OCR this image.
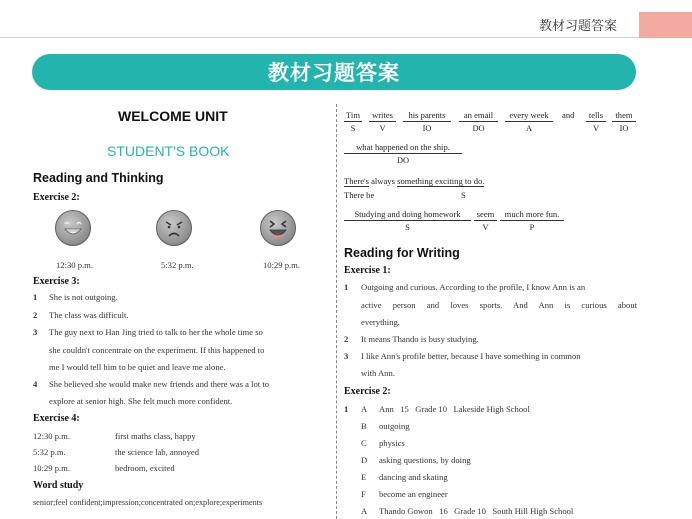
教材习题答案
教材习题答案
WELCOME UNIT
STUDENT'S BOOK
Reading and Thinking
Exercise 2:
12:30 p.m.	5:32 p.m.	10:29 p.m.
Exercise 3:
1 She is not outgoing.
2 The class was difficult.
3 The guy next to Han Jing tried to talk to her the whole time so
she couldn't concentrate on the experiment. If this happened to
me I would tell him to be quiet and leave me alone.
4 She believed she would make new friends and there was a lot to
explore at senior high. She felt much more confident.
Exercise 4:
12:30 p.m.	first maths class, happy
5:32 p.m.	the science lab, annoyed
10:29 p.m.	bedroom, excited
Word study
senior;feel confident;impression;concentrated on;explore;experiments
Tim
S
writes
V
his parents
IO
an email
DO
every week
A
and	tells
V
them
IO
what happened on the ship.
DO
There's always something exciting to do.
There be	S
Studying and doing homework
S
seem
V
much more fun.
P
Reading for Writing
Exercise 1:
1 Outgoing and curious. According to the profile, I know Ann is an
active person and loves sports. And Ann is curious about
everything.
2 It means Thando is busy studying.
3 I like Ann's profile better, because I have something in common
with Ann.
Exercise 2:
1 A Ann   15   Grade 10   Lakeside High School
B outgoing
C physics
D asking questions, by doing
E dancing and skating
F become an engineer
A Thando Gowon   16   Grade 10   South Hill High School
